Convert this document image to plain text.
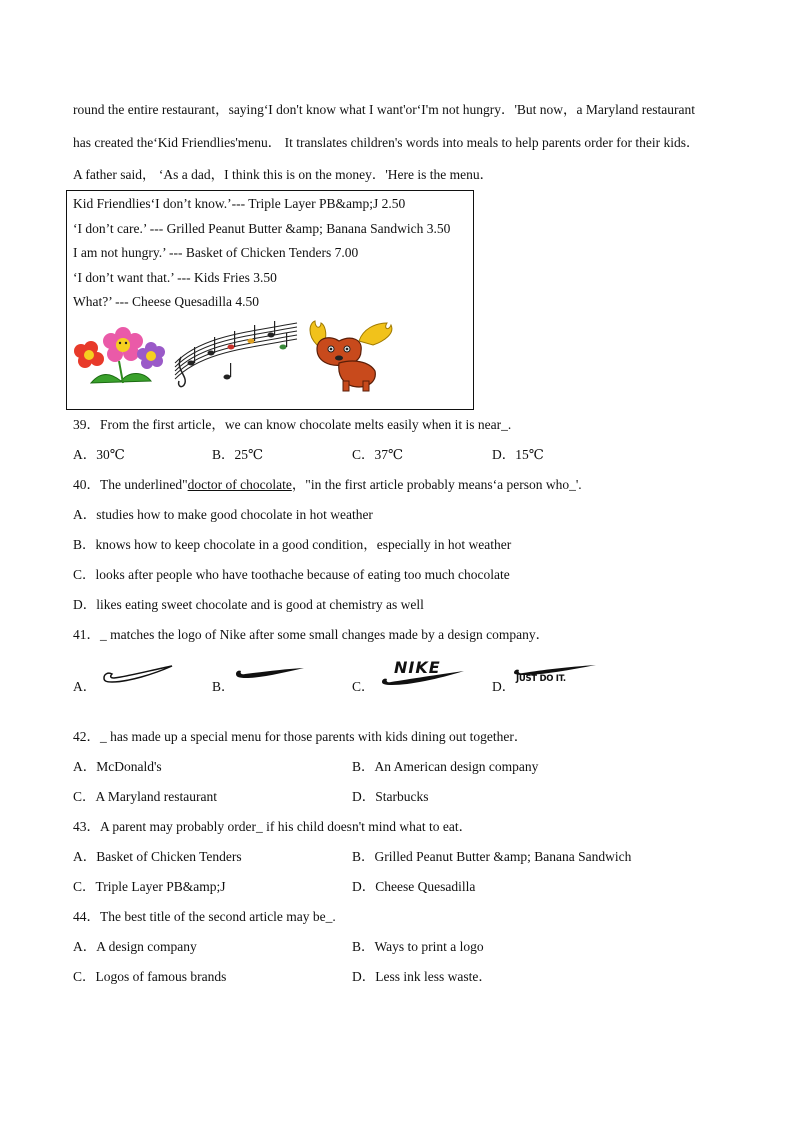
round the entire restaurant，saying‘I don't know what I want'or‘I'm not hungry．'But now，a Maryland restaurant
has created the‘Kid Friendlies'menu． It translates children's words into meals to help parents order for their kids．
A father said， ‘As a dad，I think this is on the money．'Here is the menu．
Kid Friendlies‘I don’t know.’--- Triple Layer PB&amp;J 2.50
‘I don’t care.’ --- Grilled Peanut Butter &amp; Banana Sandwich 3.50
I am not hungry.’ --- Basket of Chicken Tenders 7.00
‘I don’t want that.’ --- Kids Fries 3.50
What?’ --- Cheese Quesadilla 4.50
39．From the first article，we can know chocolate melts easily when it is near_.
A．30℃	B．25℃	C．37℃	D．15℃
40．The underlined"doctor of chocolate，"in the first article probably means‘a person who_'.
A．studies how to make good chocolate in hot weather
B．knows how to keep chocolate in a good condition，especially in hot weather
C．looks after people who have toothache because of eating too much chocolate
D．likes eating sweet chocolate and is good at chemistry as well
41．_ matches the logo of Nike after some small changes made by a design company．
A．	B．	C．
NIKE
D． JUST DO IT.
42．_ has made up a special menu for those parents with kids dining out together．
A．McDonald's	B．An American design company
C．A Maryland restaurant	D．Starbucks
43．A parent may probably order_ if his child doesn't mind what to eat．
A．Basket of Chicken Tenders	B．Grilled Peanut Butter &amp; Banana Sandwich
C．Triple Layer PB&amp;J	D．Cheese Quesadilla
44．The best title of the second article may be_.
A．A design company	B．Ways to print a logo
C．Logos of famous brands	D．Less ink less waste．
